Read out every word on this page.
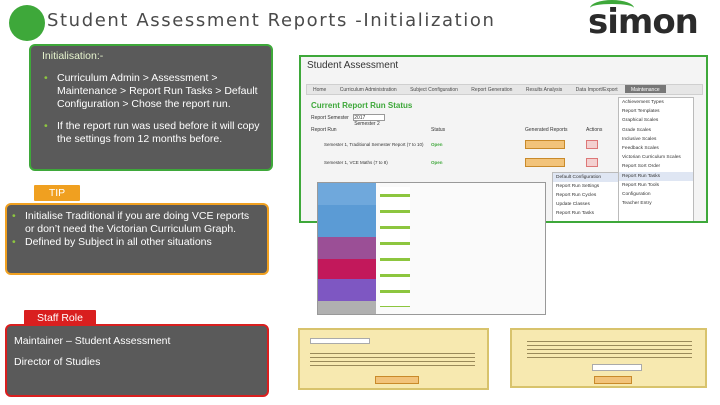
Student Assessment Reports -Initialization	simon
Initialisation:-
• Curriculum Admin > Assessment > Maintenance > Report Run Tasks > Default Configuration > Chose the report run.
• If the report run was used before it will copy the settings from 12 months before.
TIP
• Initialise Traditional if you are doing VCE reports or don’t need the Victorian Curriculum Graph.
• Defined by Subject in all other situations
Staff Role
Maintainer – Student Assessment
Director of Studies
Student Assessment
Home	Curriculum Administration	Subject Configuration	Report Generation	Results Analysis	Data Import/Export	Maintenance
Current Report Run Status
Report Semester 2017 Semester 2
Report Run	Status	Generated Reports	Actions
Semester 1, Traditional Semester Report (7 to 10) Open
Semester 1, VCE Maths (7 to 8)	Open
Achievement Types
Report Templates
Graphical Scales
Grade Scales
Inclusive Scales
Feedback Scales
Victorian Curriculum Scales
Report Sort Order
Report Run Tasks
Report Run Tools
Configuration
Teacher Entry
Default Configuration
Report Run Settings
Report Run Cycles
Update Classes
Report Run Tasks
